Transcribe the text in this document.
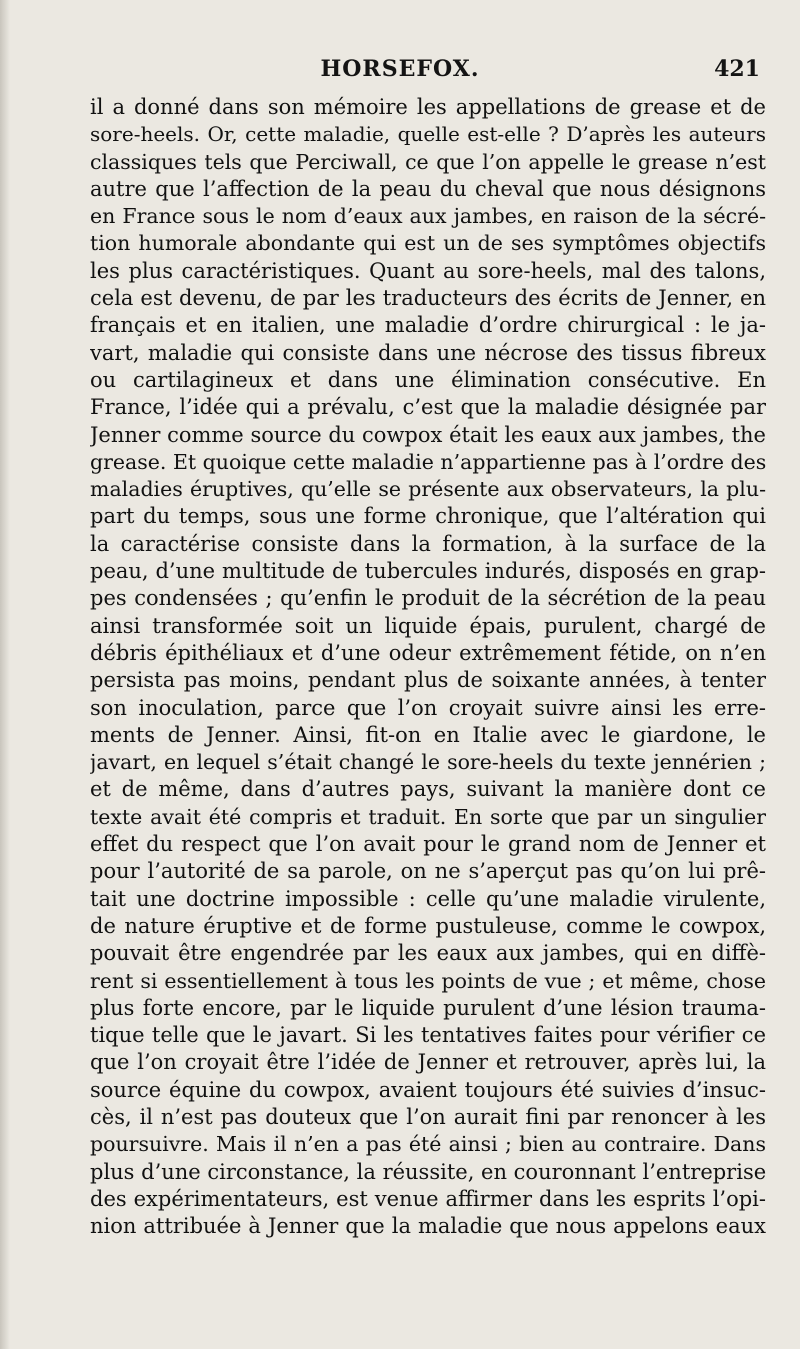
HORSEFOX.	421
il a donné dans son mémoire les appellations de grease et de
sore-heels. Or, cette maladie, quelle est-elle ? D’après les auteurs
classiques tels que Perciwall, ce que l’on appelle le grease n’est
autre que l’affection de la peau du cheval que nous désignons
en France sous le nom d’eaux aux jambes, en raison de la sécré-
tion humorale abondante qui est un de ses symptômes objectifs
les plus caractéristiques. Quant au sore-heels, mal des talons,
cela est devenu, de par les traducteurs des écrits de Jenner, en
français et en italien, une maladie d’ordre chirurgical : le ja-
vart, maladie qui consiste dans une nécrose des tissus fibreux
ou cartilagineux et dans une élimination consécutive. En
France, l’idée qui a prévalu, c’est que la maladie désignée par
Jenner comme source du cowpox était les eaux aux jambes, the
grease. Et quoique cette maladie n’appartienne pas à l’ordre des
maladies éruptives, qu’elle se présente aux observateurs, la plu-
part du temps, sous une forme chronique, que l’altération qui
la caractérise consiste dans la formation, à la surface de la
peau, d’une multitude de tubercules indurés, disposés en grap-
pes condensées ; qu’enfin le produit de la sécrétion de la peau
ainsi transformée soit un liquide épais, purulent, chargé de
débris épithéliaux et d’une odeur extrêmement fétide, on n’en
persista pas moins, pendant plus de soixante années, à tenter
son inoculation, parce que l’on croyait suivre ainsi les erre-
ments de Jenner. Ainsi, fit-on en Italie avec le giardone, le
javart, en lequel s’était changé le sore-heels du texte jennérien ;
et de même, dans d’autres pays, suivant la manière dont ce
texte avait été compris et traduit. En sorte que par un singulier
effet du respect que l’on avait pour le grand nom de Jenner et
pour l’autorité de sa parole, on ne s’aperçut pas qu’on lui prê-
tait une doctrine impossible : celle qu’une maladie virulente,
de nature éruptive et de forme pustuleuse, comme le cowpox,
pouvait être engendrée par les eaux aux jambes, qui en diffè-
rent si essentiellement à tous les points de vue ; et même, chose
plus forte encore, par le liquide purulent d’une lésion trauma-
tique telle que le javart. Si les tentatives faites pour vérifier ce
que l’on croyait être l’idée de Jenner et retrouver, après lui, la
source équine du cowpox, avaient toujours été suivies d’insuc-
cès, il n’est pas douteux que l’on aurait fini par renoncer à les
poursuivre. Mais il n’en a pas été ainsi ; bien au contraire. Dans
plus d’une circonstance, la réussite, en couronnant l’entreprise
des expérimentateurs, est venue affirmer dans les esprits l’opi-
nion attribuée à Jenner que la maladie que nous appelons eaux
